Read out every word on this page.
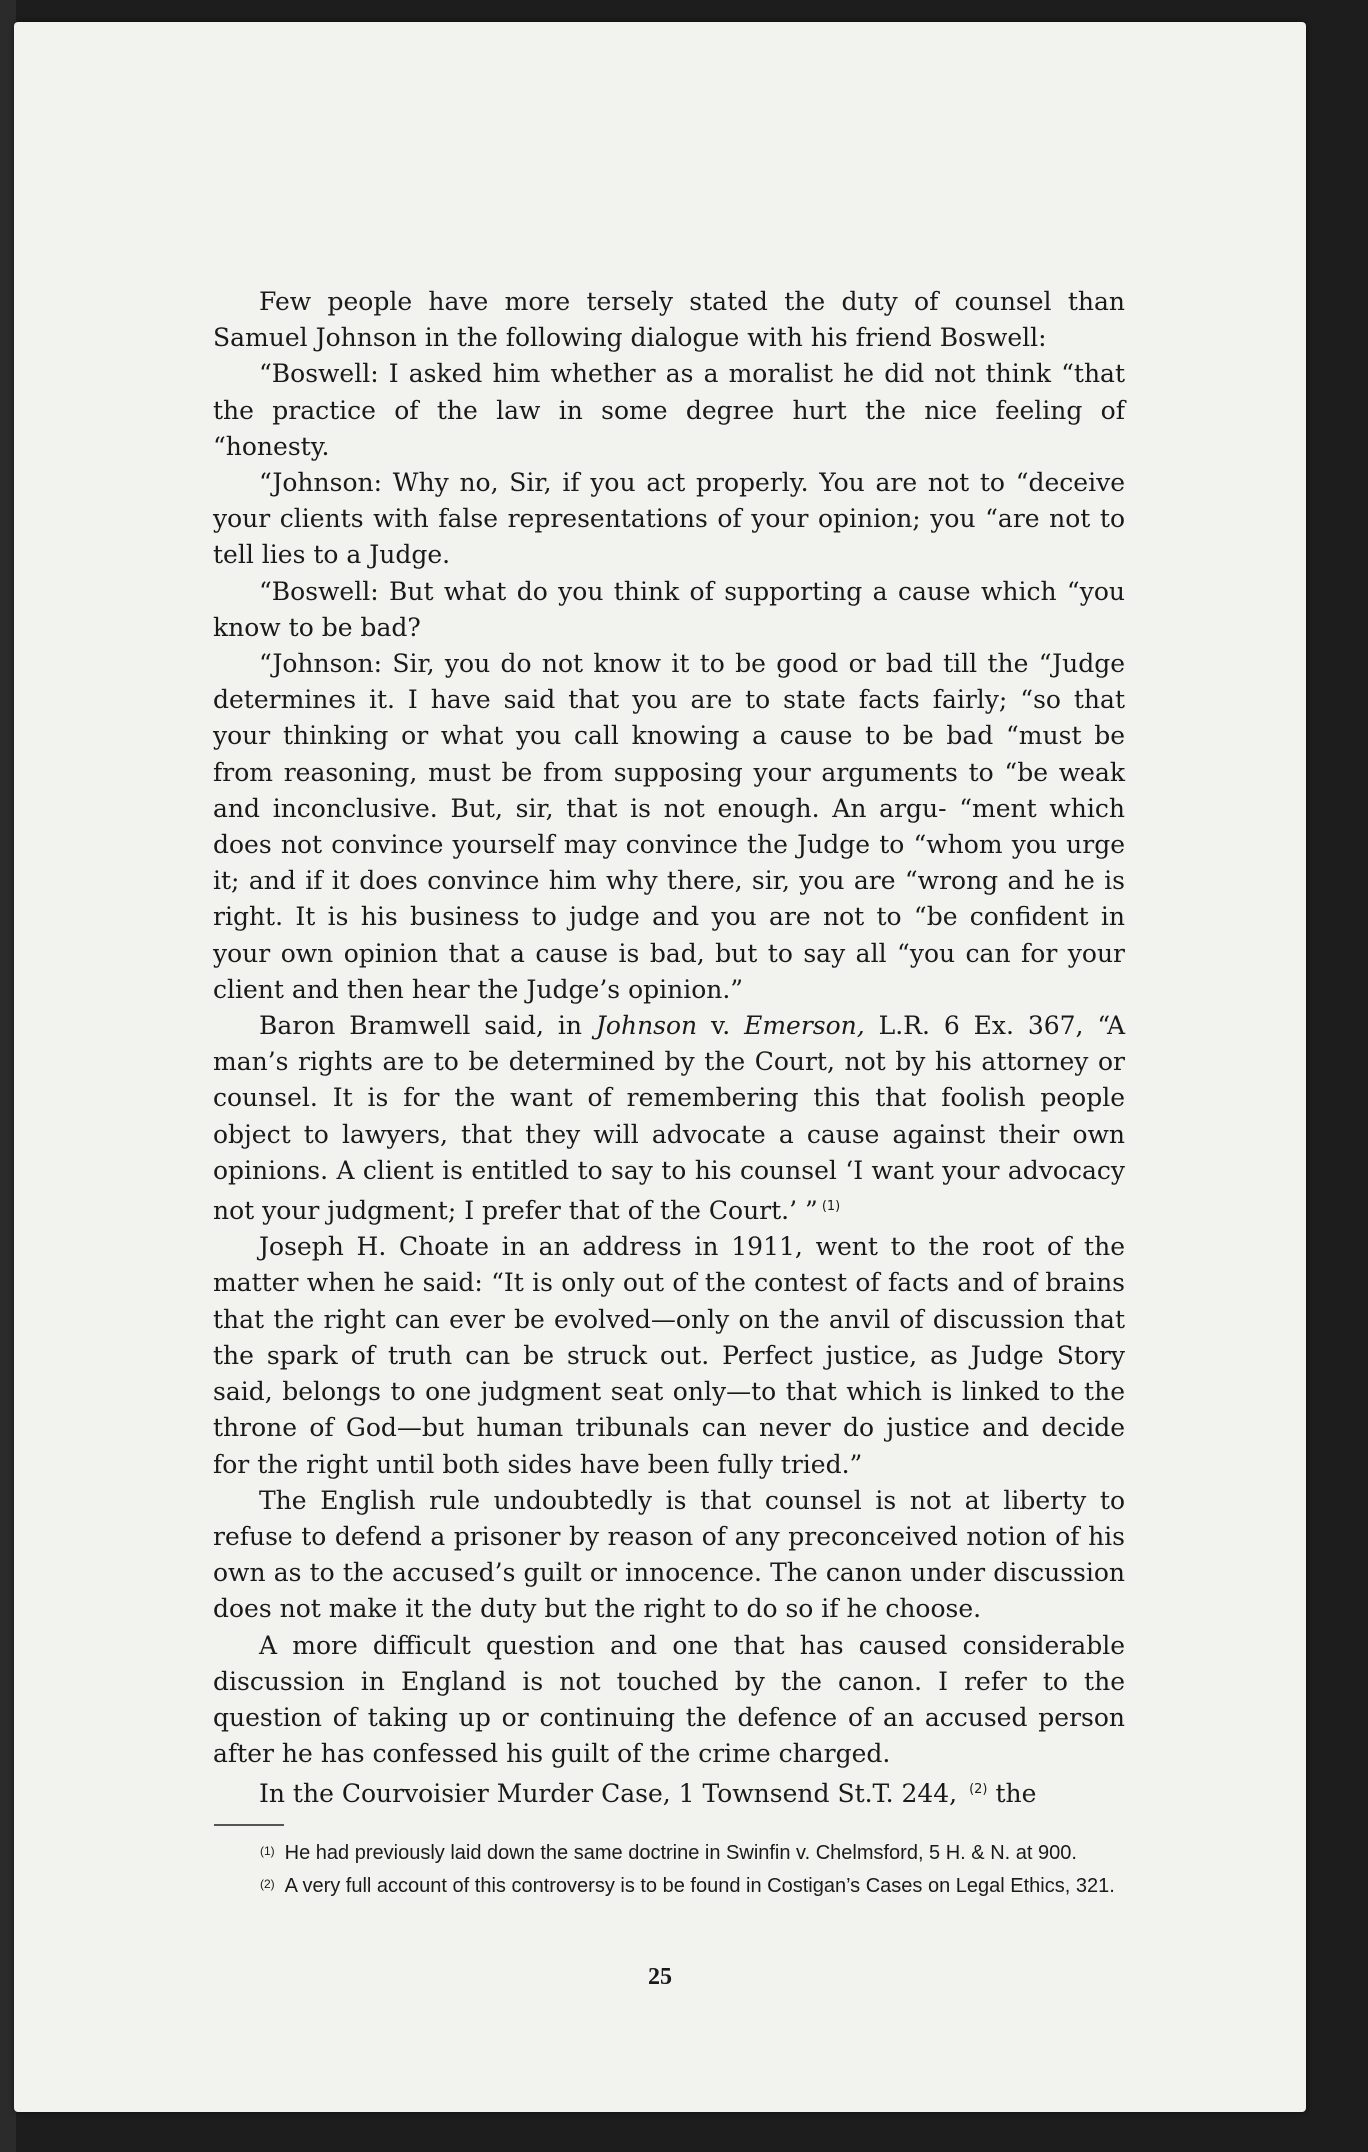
Few people have more tersely stated the duty of counsel than Samuel Johnson in the following dialogue with his friend Boswell:

“Boswell: I asked him whether as a moralist he did not think “that the practice of the law in some degree hurt the nice feeling of “honesty.

“Johnson: Why no, Sir, if you act properly. You are not to “deceive your clients with false representations of your opinion; you “are not to tell lies to a Judge.

“Boswell: But what do you think of supporting a cause which “you know to be bad?

“Johnson: Sir, you do not know it to be good or bad till the “Judge determines it. I have said that you are to state facts fairly; “so that your thinking or what you call knowing a cause to be bad “must be from reasoning, must be from supposing your arguments to “be weak and inconclusive. But, sir, that is not enough. An argu- “ment which does not convince yourself may convince the Judge to “whom you urge it; and if it does convince him why there, sir, you are “wrong and he is right. It is his business to judge and you are not to “be confident in your own opinion that a cause is bad, but to say all “you can for your client and then hear the Judge’s opinion.”

Baron Bramwell said, in Johnson v. Emerson, L.R. 6 Ex. 367, “A man’s rights are to be determined by the Court, not by his attorney or counsel. It is for the want of remembering this that foolish people object to lawyers, that they will advocate a cause against their own opinions. A client is entitled to say to his counsel ‘I want your advocacy not your judgment; I prefer that of the Court.’ ” $^{(1)}$

Joseph H. Choate in an address in 1911, went to the root of the matter when he said: “It is only out of the contest of facts and of brains that the right can ever be evolved—only on the anvil of discussion that the spark of truth can be struck out. Perfect justice, as Judge Story said, belongs to one judgment seat only—to that which is linked to the throne of God—but human tribunals can never do justice and decide for the right until both sides have been fully tried.”

The English rule undoubtedly is that counsel is not at liberty to refuse to defend a prisoner by reason of any preconceived notion of his own as to the accused’s guilt or innocence. The canon under discussion does not make it the duty but the right to do so if he choose.

A more difficult question and one that has caused considerable discussion in England is not touched by the canon. I refer to the question of taking up or continuing the defence of an accused person after he has confessed his guilt of the crime charged.

In the Courvoisier Murder Case, 1 Townsend St.T. 244, $^{(2)}$ the

$^{(1)}$ He had previously laid down the same doctrine in Swinfin v. Chelmsford, 5 H. & N. at 900.

$^{(2)}$ A very full account of this controversy is to be found in Costigan’s Cases on Legal Ethics, 321.

25
